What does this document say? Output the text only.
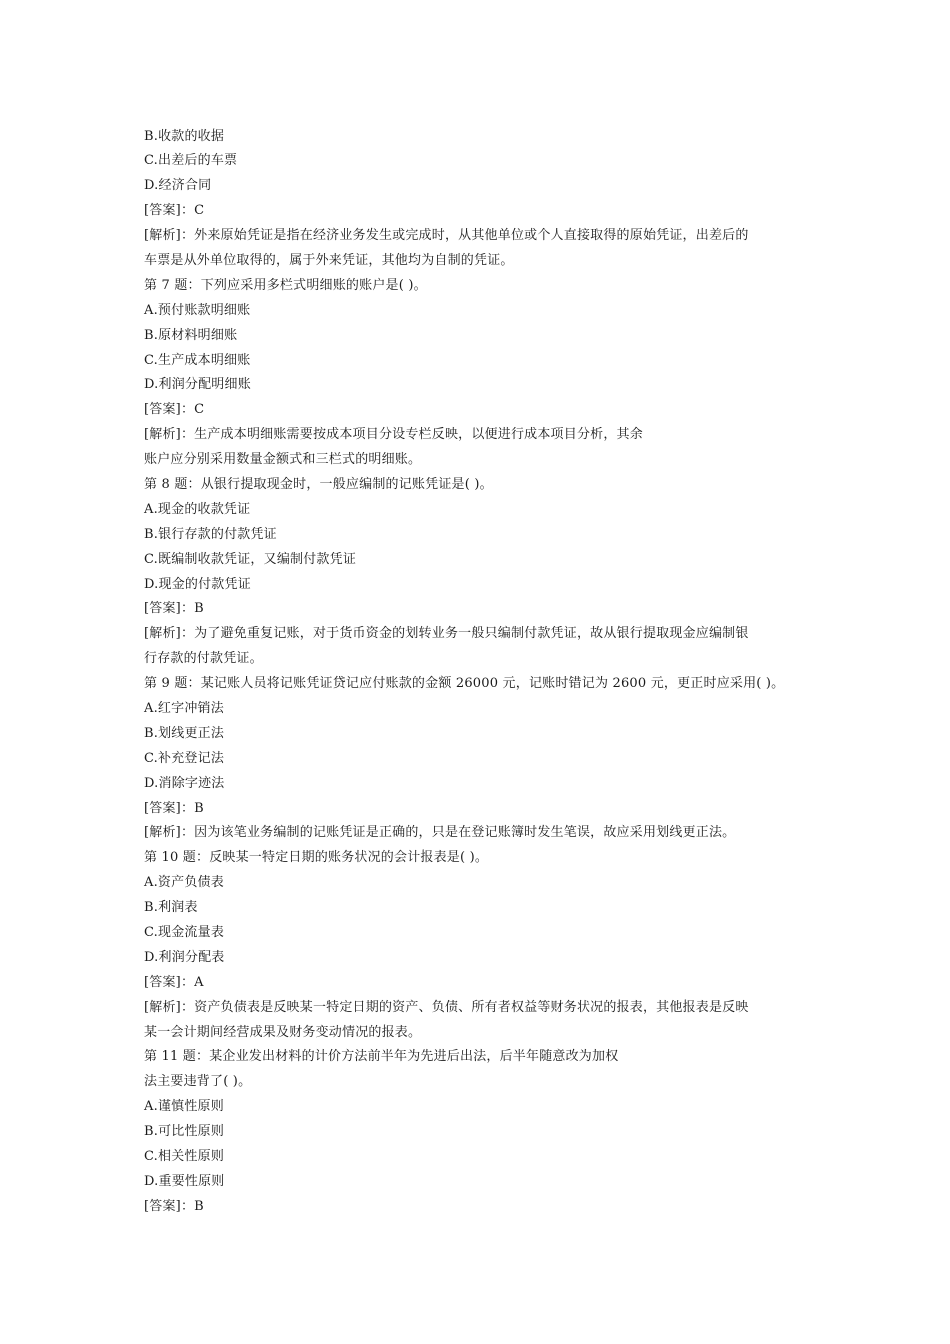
B.收款的收据
C.出差后的车票
D.经济合同
[答案]：C
[解析]：外来原始凭证是指在经济业务发生或完成时，从其他单位或个人直接取得的原始凭证，出差后的
车票是从外单位取得的，属于外来凭证，其他均为自制的凭证。
第 7 题：下列应采用多栏式明细账的账户是( )。
A.预付账款明细账
B.原材料明细账
C.生产成本明细账
D.利润分配明细账
[答案]：C
[解析]：生产成本明细账需要按成本项目分设专栏反映，以便进行成本项目分析，其余
账户应分别采用数量金额式和三栏式的明细账。
第 8 题：从银行提取现金时，一般应编制的记账凭证是( )。
A.现金的收款凭证
B.银行存款的付款凭证
C.既编制收款凭证，又编制付款凭证
D.现金的付款凭证
[答案]：B
[解析]：为了避免重复记账，对于货币资金的划转业务一般只编制付款凭证，故从银行提取现金应编制银
行存款的付款凭证。
第 9 题：某记账人员将记账凭证贷记应付账款的金额 26000 元，记账时错记为 2600 元，更正时应采用( )。
A.红字冲销法
B.划线更正法
C.补充登记法
D.消除字迹法
[答案]：B
[解析]：因为该笔业务编制的记账凭证是正确的，只是在登记账簿时发生笔误，故应采用划线更正法。
第 10 题：反映某一特定日期的账务状况的会计报表是( )。
A.资产负债表
B.利润表
C.现金流量表
D.利润分配表
[答案]：A
[解析]：资产负债表是反映某一特定日期的资产、负债、所有者权益等财务状况的报表，其他报表是反映
某一会计期间经营成果及财务变动情况的报表。
第 11 题：某企业发出材料的计价方法前半年为先进后出法，后半年随意改为加权
法主要违背了( )。
A.谨慎性原则
B.可比性原则
C.相关性原则
D.重要性原则
[答案]：B
